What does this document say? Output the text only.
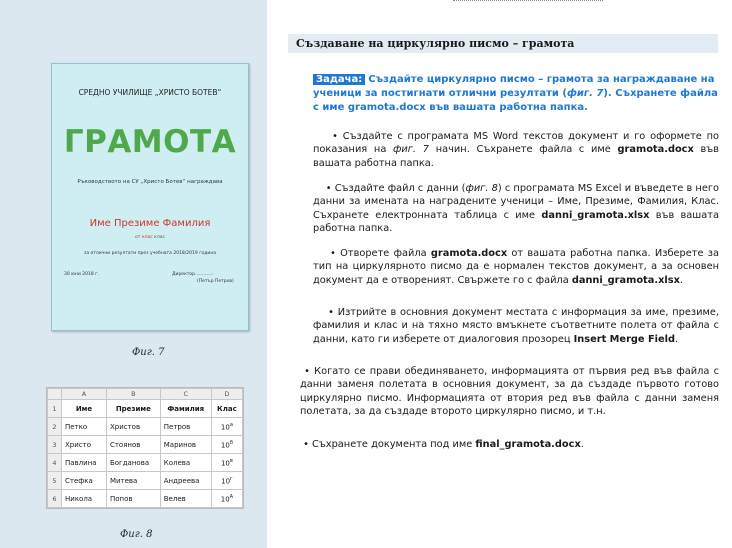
СРЕДНО УЧИЛИЩЕ „ХРИСТО БОТЕВ“
ГРАМОТА
Ръководството на СУ „Христо Ботев“ награждава
Име Презиме Фамилия
от клас клас
за отлични резултати през учебната 2018/2019 година
30 юни 2018 г.	Директор.............
(Петър Петров)
Фиг. 7
	A	B	C	D
1	Име	Презиме	Фамилия	Клас
2	Петко	Христов	Петров	$10^а$
3	Христо	Стоянов	Маринов	$10^б$
4	Павлина	Богданова	Колева	$10^в$
5	Стефка	Митева	Андреева	$10^г$
6	Никола	Попов	Велев	$10^А$
Фиг. 8
Създаване на циркулярно писмо – грамота
Задача: Създайте циркулярно писмо – грамота за награждаване на ученици за постигнати отлични резултати (фиг. 7). Съхранете файла с име gramota.docx във вашата работна папка.
• Създайте с програмата MS Word текстов документ и го оформете по показания на фиг. 7 начин. Съхранете файла с име gramota.docx във вашата работна папка.
• Създайте файл с данни (фиг. 8) с програмата MS Excel и въведете в него данни за имената на наградените ученици – Име, Презиме, Фамилия, Клас. Съхранете електронната таблица с име danni_gramota.xlsx във вашата работна папка.
• Отворете файла gramota.docx от вашата работна папка. Изберете за тип на циркулярното писмо да е нормален текстов документ, а за основен документ да е отвореният. Свържете го с файла danni_gramota.xlsx.
• Изтрийте в основния документ местата с информация за име, презиме, фамилия и клас и на тяхно място вмъкнете съответните полета от файла с данни, като ги изберете от диалоговия прозорец Insert Merge Field.
• Когато се прави обединяването, информацията от първия ред във файла с данни заменя полетата в основния документ, за да създаде първото готово циркулярно писмо. Информацията от втория ред във файла с данни заменя полетата, за да създаде второто циркулярно писмо, и т.н.
• Съхранете документа под име final_gramota.docx.
